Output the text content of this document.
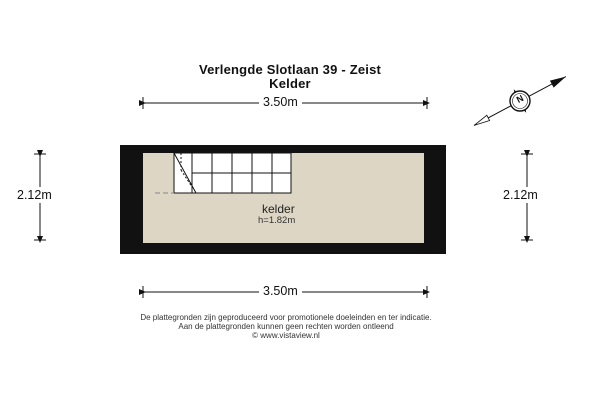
Verlengde Slotlaan 39 - Zeist
Kelder
3.50m
3.50m
2.12m	2.12m
kelder
h=1.82m
N
De plattegronden zijn geproduceerd voor promotionele doeleinden en ter indicatie.
Aan de plattegronden kunnen geen rechten worden ontleend
© www.vistaview.nl
